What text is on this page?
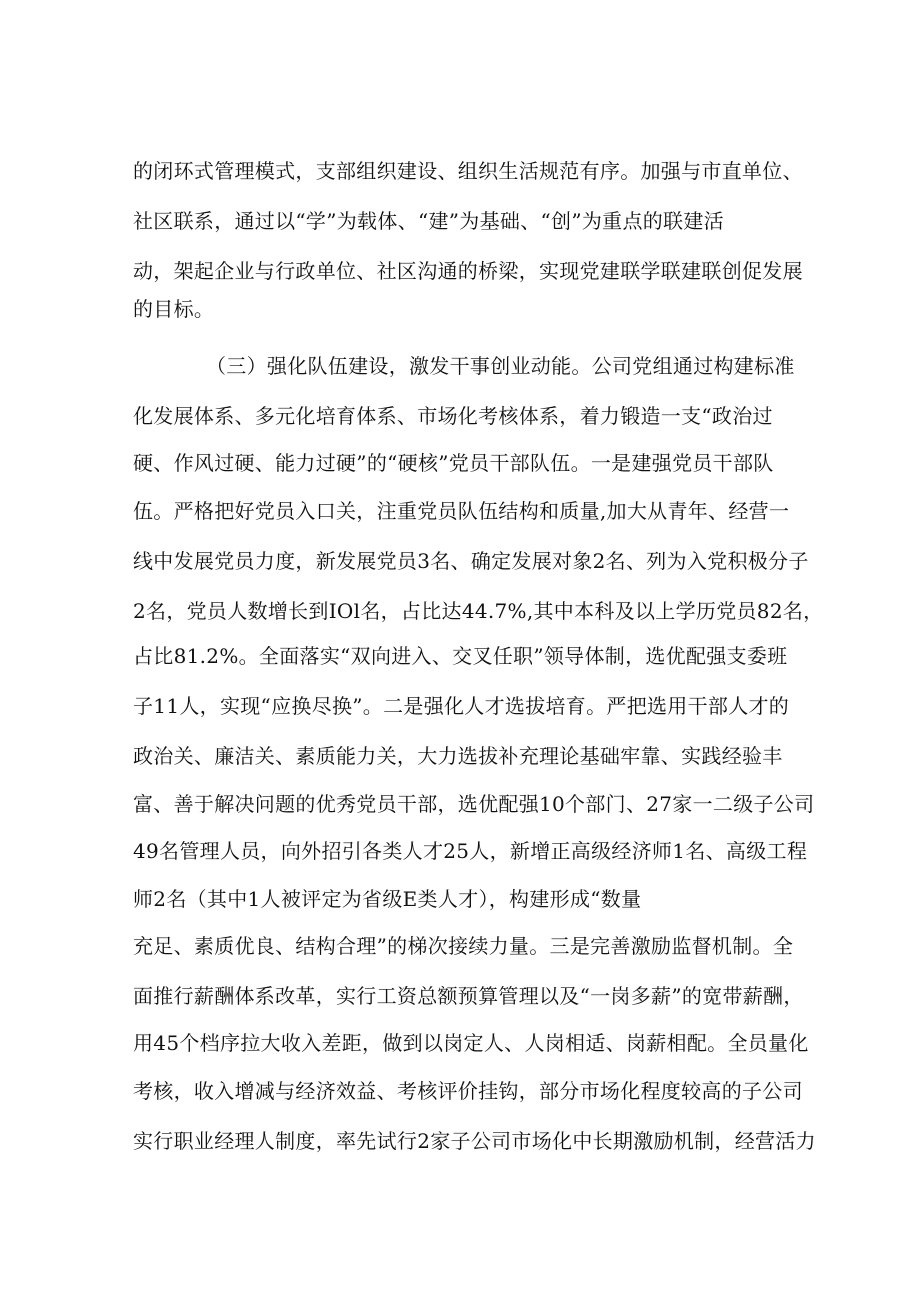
的闭环式管理模式，支部组织建设、组织生活规范有序。加强与市直单位、
社区联系，通过以“学”为载体、“建”为基础、“创”为重点的联建活
动，架起企业与行政单位、社区沟通的桥梁，实现党建联学联建联创促发展
的目标。
（三）强化队伍建设，激发干事创业动能。公司党组通过构建标准
化发展体系、多元化培育体系、市场化考核体系，着力锻造一支“政治过
硬、作风过硬、能力过硬”的“硬核”党员干部队伍。一是建强党员干部队
伍。严格把好党员入口关，注重党员队伍结构和质量,加大从青年、经营一
线中发展党员力度，新发展党员3名、确定发展对象2名、列为入党积极分子
2名，党员人数增长到IOl名，占比达44.7%,其中本科及以上学历党员82名，
占比81.2%。全面落实“双向进入、交叉任职”领导体制，选优配强支委班
子11人，实现“应换尽换”。二是强化人才选拔培育。严把选用干部人才的
政治关、廉洁关、素质能力关，大力选拔补充理论基础牢靠、实践经验丰
富、善于解决问题的优秀党员干部，选优配强10个部门、27家一二级子公司
49名管理人员，向外招引各类人才25人，新增正高级经济师1名、高级工程
师2名（其中1人被评定为省级E类人才），构建形成“数量
充足、素质优良、结构合理”的梯次接续力量。三是完善激励监督机制。全
面推行薪酬体系改革，实行工资总额预算管理以及“一岗多薪”的宽带薪酬，
用45个档序拉大收入差距，做到以岗定人、人岗相适、岗薪相配。全员量化
考核，收入增减与经济效益、考核评价挂钩，部分市场化程度较高的子公司
实行职业经理人制度，率先试行2家子公司市场化中长期激励机制，经营活力
